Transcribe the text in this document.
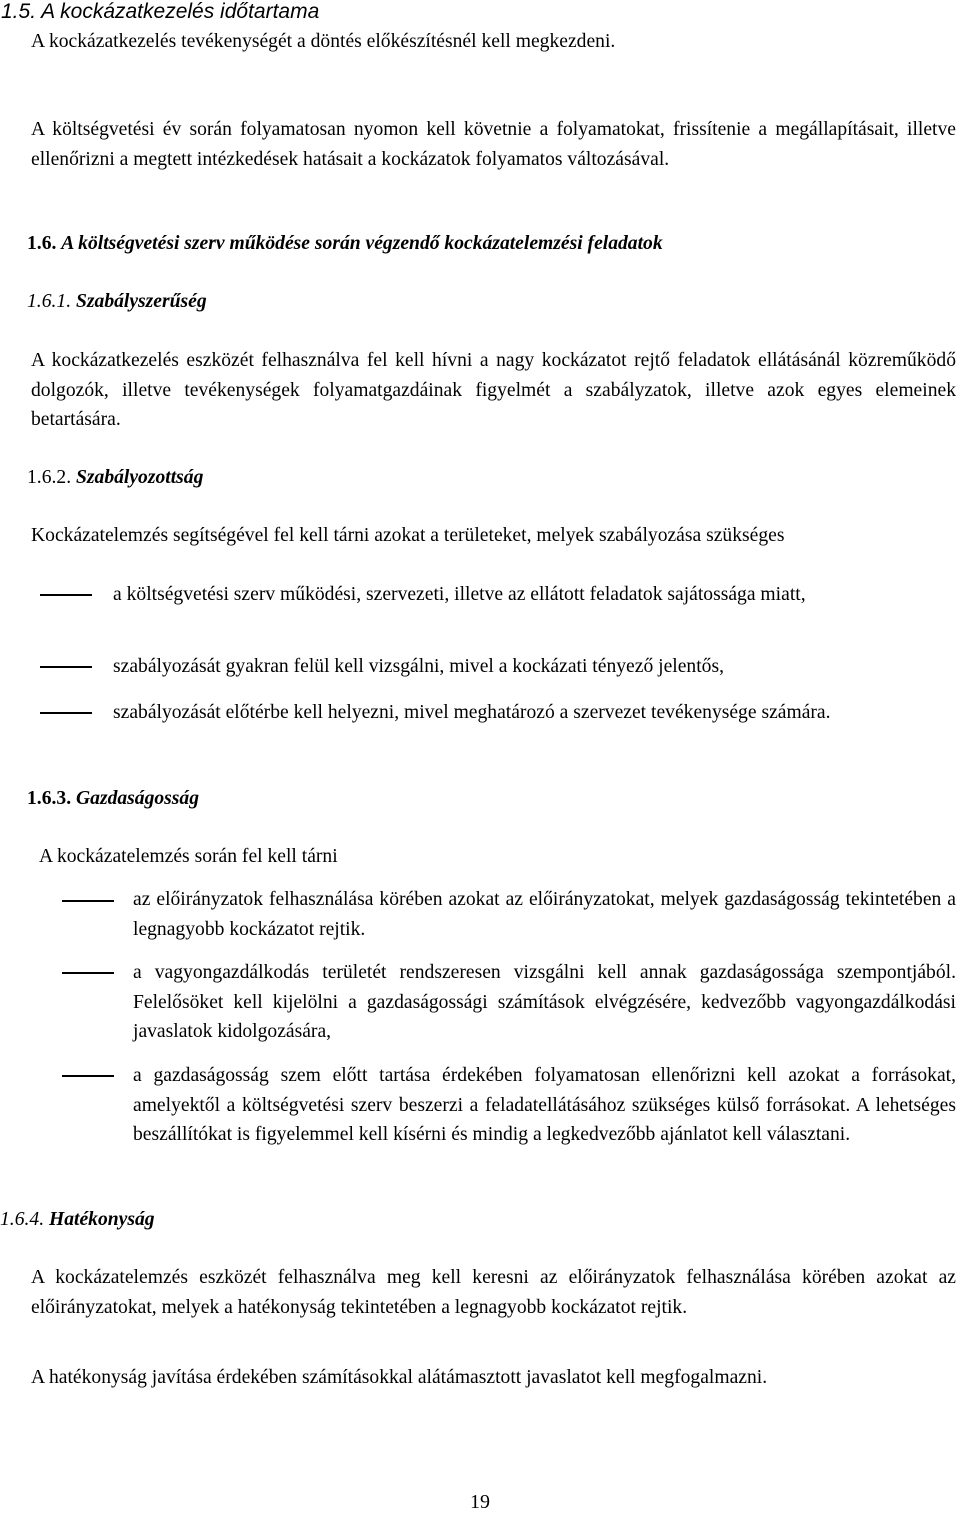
1.5. A kockázatkezelés időtartama
A kockázatkezelés tevékenységét a döntés előkészítésnél kell megkezdeni.
A költségvetési év során folyamatosan nyomon kell követnie a folyamatokat, frissítenie a megállapításait, illetve ellenőrizni a megtett intézkedések hatásait a kockázatok folyamatos változásával.
1.6. A költségvetési szerv működése során végzendő kockázatelemzési feladatok
1.6.1. Szabályszerűség
A kockázatkezelés eszközét felhasználva fel kell hívni a nagy kockázatot rejtő feladatok ellátásánál közreműködő dolgozók, illetve tevékenységek folyamatgazdáinak figyelmét a szabályzatok, illetve azok egyes elemeinek betartására.
1.6.2. Szabályozottság
Kockázatelemzés segítségével fel kell tárni azokat a területeket, melyek szabályozása szükséges
a költségvetési szerv működési, szervezeti, illetve az ellátott feladatok sajátossága miatt,
szabályozását gyakran felül kell vizsgálni, mivel a kockázati tényező jelentős,
szabályozását előtérbe kell helyezni, mivel meghatározó a szervezet tevékenysége számára.
1.6.3. Gazdaságosság
A kockázatelemzés során fel kell tárni
az előirányzatok felhasználása körében azokat az előirányzatokat, melyek gazdaságosság tekintetében a legnagyobb kockázatot rejtik.
a vagyongazdálkodás területét rendszeresen vizsgálni kell annak gazdaságossága szempontjából. Felelősöket kell kijelölni a gazdaságossági számítások elvégzésére, kedvezőbb vagyongazdálkodási javaslatok kidolgozására,
a gazdaságosság szem előtt tartása érdekében folyamatosan ellenőrizni kell azokat a forrásokat, amelyektől a költségvetési szerv beszerzi a feladatellátásához szükséges külső forrásokat. A lehetséges beszállítókat is figyelemmel kell kísérni és mindig a legkedvezőbb ajánlatot kell választani.
1.6.4. Hatékonyság
A kockázatelemzés eszközét felhasználva meg kell keresni az előirányzatok felhasználása körében azokat az előirányzatokat, melyek a hatékonyság tekintetében a legnagyobb kockázatot rejtik.
A hatékonyság javítása érdekében számításokkal alátámasztott javaslatot kell megfogalmazni.
19
